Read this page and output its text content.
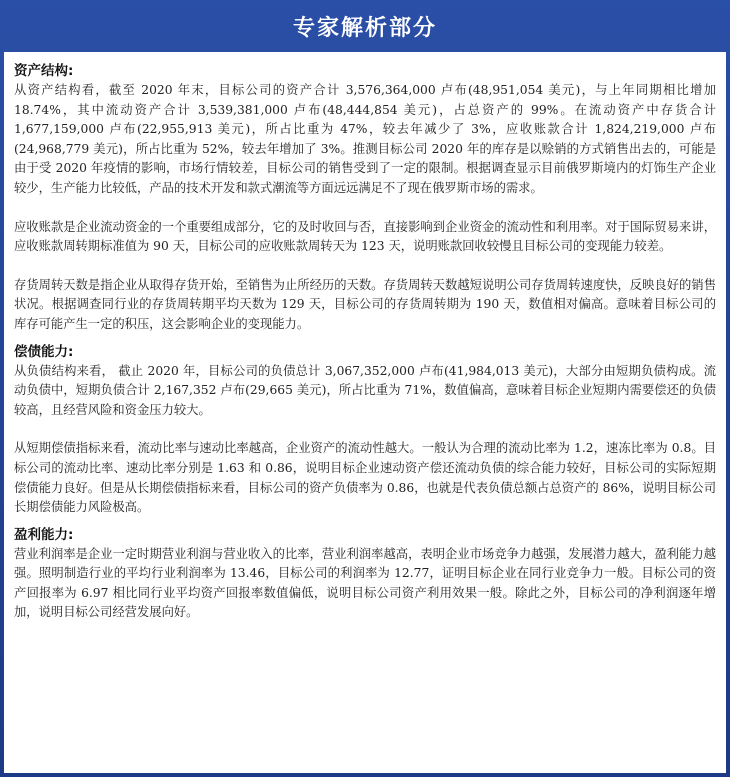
专家解析部分
资产结构:

从资产结构看，截至 2020 年末，目标公司的资产合计 3,576,364,000 卢布(48,951,054 美元)，与上年同期相比增加 18.74%，其中流动资产合计 3,539,381,000 卢布(48,444,854 美元)，占总资产的 99%。在流动资产中存货合计 1,677,159,000 卢布(22,955,913 美元)，所占比重为 47%，较去年减少了 3%，应收账款合计 1,824,219,000 卢布(24,968,779 美元)，所占比重为 52%，较去年增加了 3%。推测目标公司 2020 年的库存是以赊销的方式销售出去的，可能是由于受 2020 年疫情的影响，市场行情较差，目标公司的销售受到了一定的限制。根据调查显示目前俄罗斯境内的灯饰生产企业较少，生产能力比较低，产品的技术开发和款式潮流等方面远远满足不了现在俄罗斯市场的需求。

应收账款是企业流动资金的一个重要组成部分，它的及时收回与否，直接影响到企业资金的流动性和利用率。对于国际贸易来讲，应收账款周转期标准值为 90 天，目标公司的应收账款周转天为 123 天，说明账款回收较慢且目标公司的变现能力较差。

存货周转天数是指企业从取得存货开始，至销售为止所经历的天数。存货周转天数越短说明公司存货周转速度快，反映良好的销售状况。根据调查同行业的存货周转期平均天数为 129 天，目标公司的存货周转期为 190 天，数值相对偏高。意味着目标公司的库存可能产生一定的积压，这会影响企业的变现能力。

偿债能力:

从负债结构来看， 截止 2020 年，目标公司的负债总计 3,067,352,000 卢布(41,984,013 美元)，大部分由短期负债构成。流动负债中，短期负债合计 2,167,352 卢布(29,665 美元)，所占比重为 71%，数值偏高，意味着目标企业短期内需要偿还的负债较高，且经营风险和资金压力较大。

从短期偿债指标来看，流动比率与速动比率越高，企业资产的流动性越大。一般认为合理的流动比率为 1.2，速冻比率为 0.8。目标公司的流动比率、速动比率分别是 1.63 和 0.86，说明目标企业速动资产偿还流动负债的综合能力较好，目标公司的实际短期偿债能力良好。但是从长期偿债指标来看，目标公司的资产负债率为 0.86，也就是代表负债总额占总资产的 86%，说明目标公司长期偿债能力风险极高。

盈利能力:

营业利润率是企业一定时期营业利润与营业收入的比率，营业利润率越高，表明企业市场竞争力越强，发展潜力越大，盈利能力越强。照明制造行业的平均行业利润率为 13.46，目标公司的利润率为 12.77，证明目标企业在同行业竞争力一般。目标公司的资产回报率为 6.97 相比同行业平均资产回报率数值偏低，说明目标公司资产利用效果一般。除此之外，目标公司的净利润逐年增加，说明目标公司经营发展向好。
